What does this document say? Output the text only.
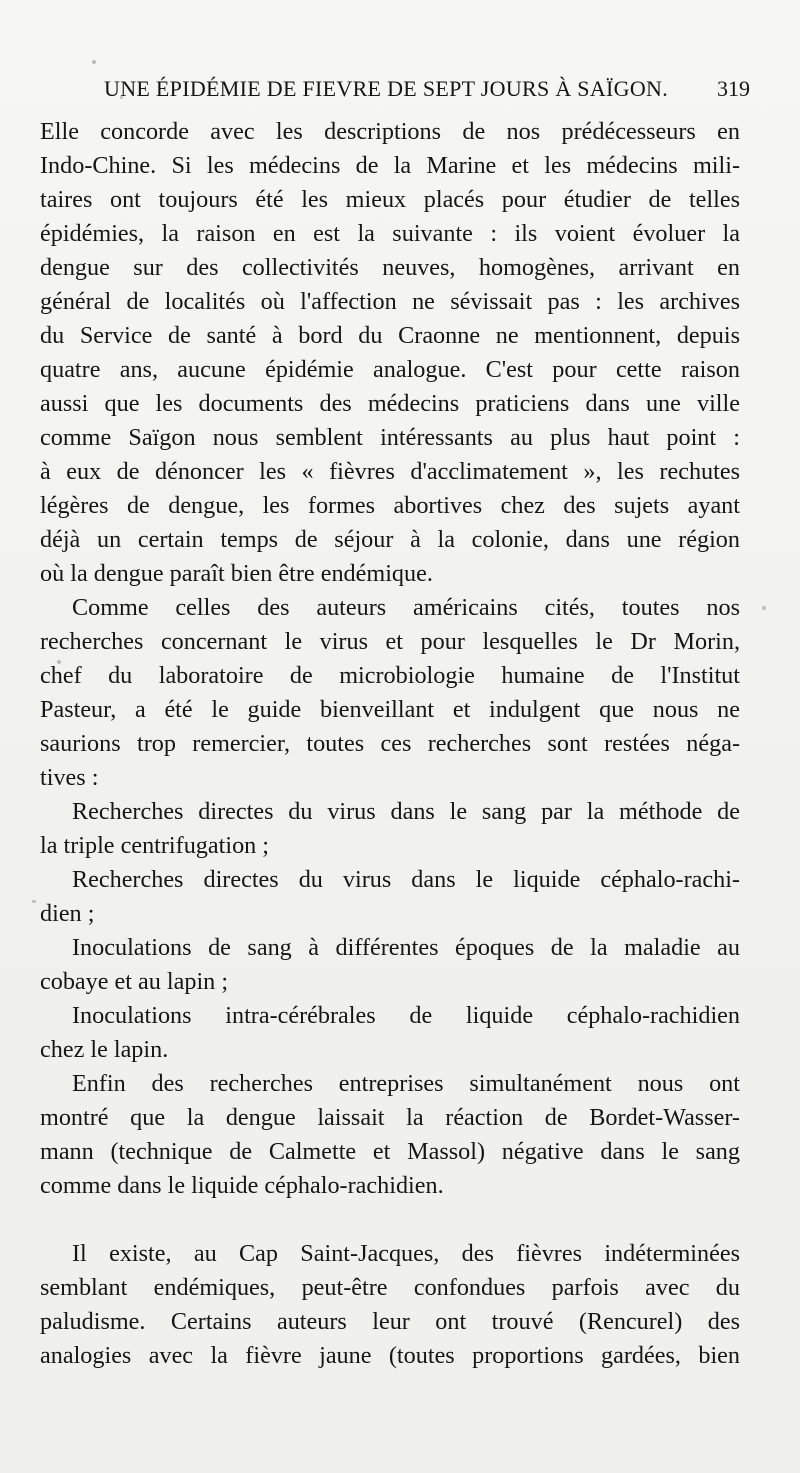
UNE ÉPIDÉMIE DE FIEVRE DE SEPT JOURS À SAÏGON. 319
Elle concorde avec les descriptions de nos prédécesseurs en
Indo-Chine. Si les médecins de la Marine et les médecins mili-
taires ont toujours été les mieux placés pour étudier de telles
épidémies, la raison en est la suivante : ils voient évoluer la
dengue sur des collectivités neuves, homogènes, arrivant en
général de localités où l'affection ne sévissait pas : les archives
du Service de santé à bord du Craonne ne mentionnent, depuis
quatre ans, aucune épidémie analogue. C'est pour cette raison
aussi que les documents des médecins praticiens dans une ville
comme Saïgon nous semblent intéressants au plus haut point :
à eux de dénoncer les « fièvres d'acclimatement », les rechutes
légères de dengue, les formes abortives chez des sujets ayant
déjà un certain temps de séjour à la colonie, dans une région
où la dengue paraît bien être endémique.
Comme celles des auteurs américains cités, toutes nos
recherches concernant le virus et pour lesquelles le Dr Morin,
chef du laboratoire de microbiologie humaine de l'Institut
Pasteur, a été le guide bienveillant et indulgent que nous ne
saurions trop remercier, toutes ces recherches sont restées néga-
tives :
Recherches directes du virus dans le sang par la méthode de
la triple centrifugation ;
Recherches directes du virus dans le liquide céphalo-rachi-
dien ;
Inoculations de sang à différentes époques de la maladie au
cobaye et au lapin ;
Inoculations intra-cérébrales de liquide céphalo-rachidien
chez le lapin.
Enfin des recherches entreprises simultanément nous ont
montré que la dengue laissait la réaction de Bordet-Wasser-
mann (technique de Calmette et Massol) négative dans le sang
comme dans le liquide céphalo-rachidien.
Il existe, au Cap Saint-Jacques, des fièvres indéterminées
semblant endémiques, peut-être confondues parfois avec du
paludisme. Certains auteurs leur ont trouvé (Rencurel) des
analogies avec la fièvre jaune (toutes proportions gardées, bien
